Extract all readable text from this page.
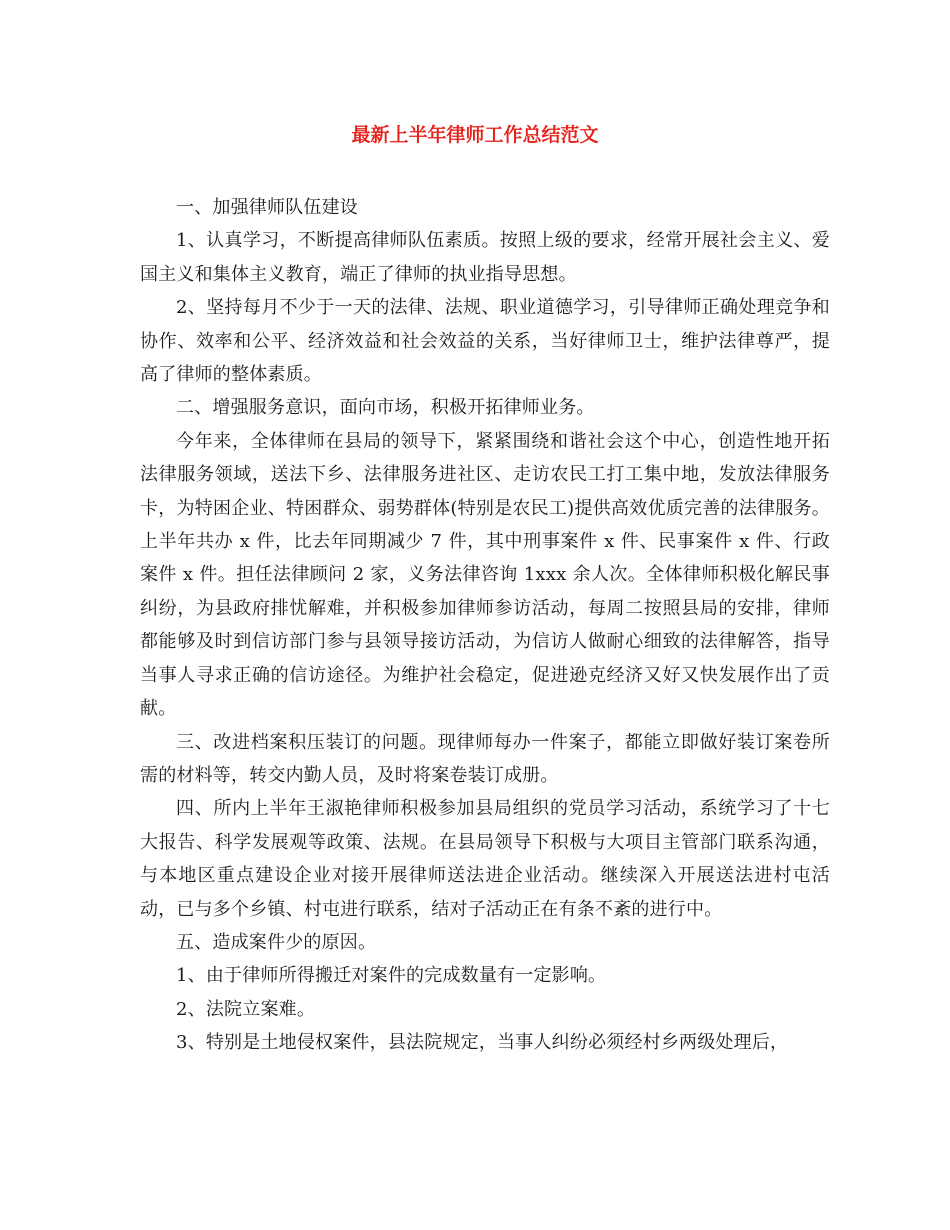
最新上半年律师工作总结范文

一、加强律师队伍建设

1、认真学习，不断提高律师队伍素质。按照上级的要求，经常开展社会主义、爱国主义和集体主义教育，端正了律师的执业指导思想。

2、坚持每月不少于一天的法律、法规、职业道德学习，引导律师正确处理竞争和协作、效率和公平、经济效益和社会效益的关系，当好律师卫士，维护法律尊严，提高了律师的整体素质。

二、增强服务意识，面向市场，积极开拓律师业务。

今年来，全体律师在县局的领导下，紧紧围绕和谐社会这个中心，创造性地开拓法律服务领域，送法下乡、法律服务进社区、走访农民工打工集中地，发放法律服务卡，为特困企业、特困群众、弱势群体(特别是农民工)提供高效优质完善的法律服务。上半年共办 x 件，比去年同期减少 7 件，其中刑事案件 x 件、民事案件 x 件、行政案件 x 件。担任法律顾问 2 家，义务法律咨询 1xxx 余人次。全体律师积极化解民事纠纷，为县政府排忧解难，并积极参加律师参访活动，每周二按照县局的安排，律师都能够及时到信访部门参与县领导接访活动，为信访人做耐心细致的法律解答，指导当事人寻求正确的信访途径。为维护社会稳定，促进逊克经济又好又快发展作出了贡献。

三、改进档案积压装订的问题。现律师每办一件案子，都能立即做好装订案卷所需的材料等，转交内勤人员，及时将案卷装订成册。

四、所内上半年王淑艳律师积极参加县局组织的党员学习活动，系统学习了十七大报告、科学发展观等政策、法规。在县局领导下积极与大项目主管部门联系沟通，与本地区重点建设企业对接开展律师送法进企业活动。继续深入开展送法进村屯活动，已与多个乡镇、村屯进行联系，结对子活动正在有条不紊的进行中。

五、造成案件少的原因。

1、由于律师所得搬迁对案件的完成数量有一定影响。

2、法院立案难。

3、特别是土地侵权案件，县法院规定，当事人纠纷必须经村乡两级处理后，
